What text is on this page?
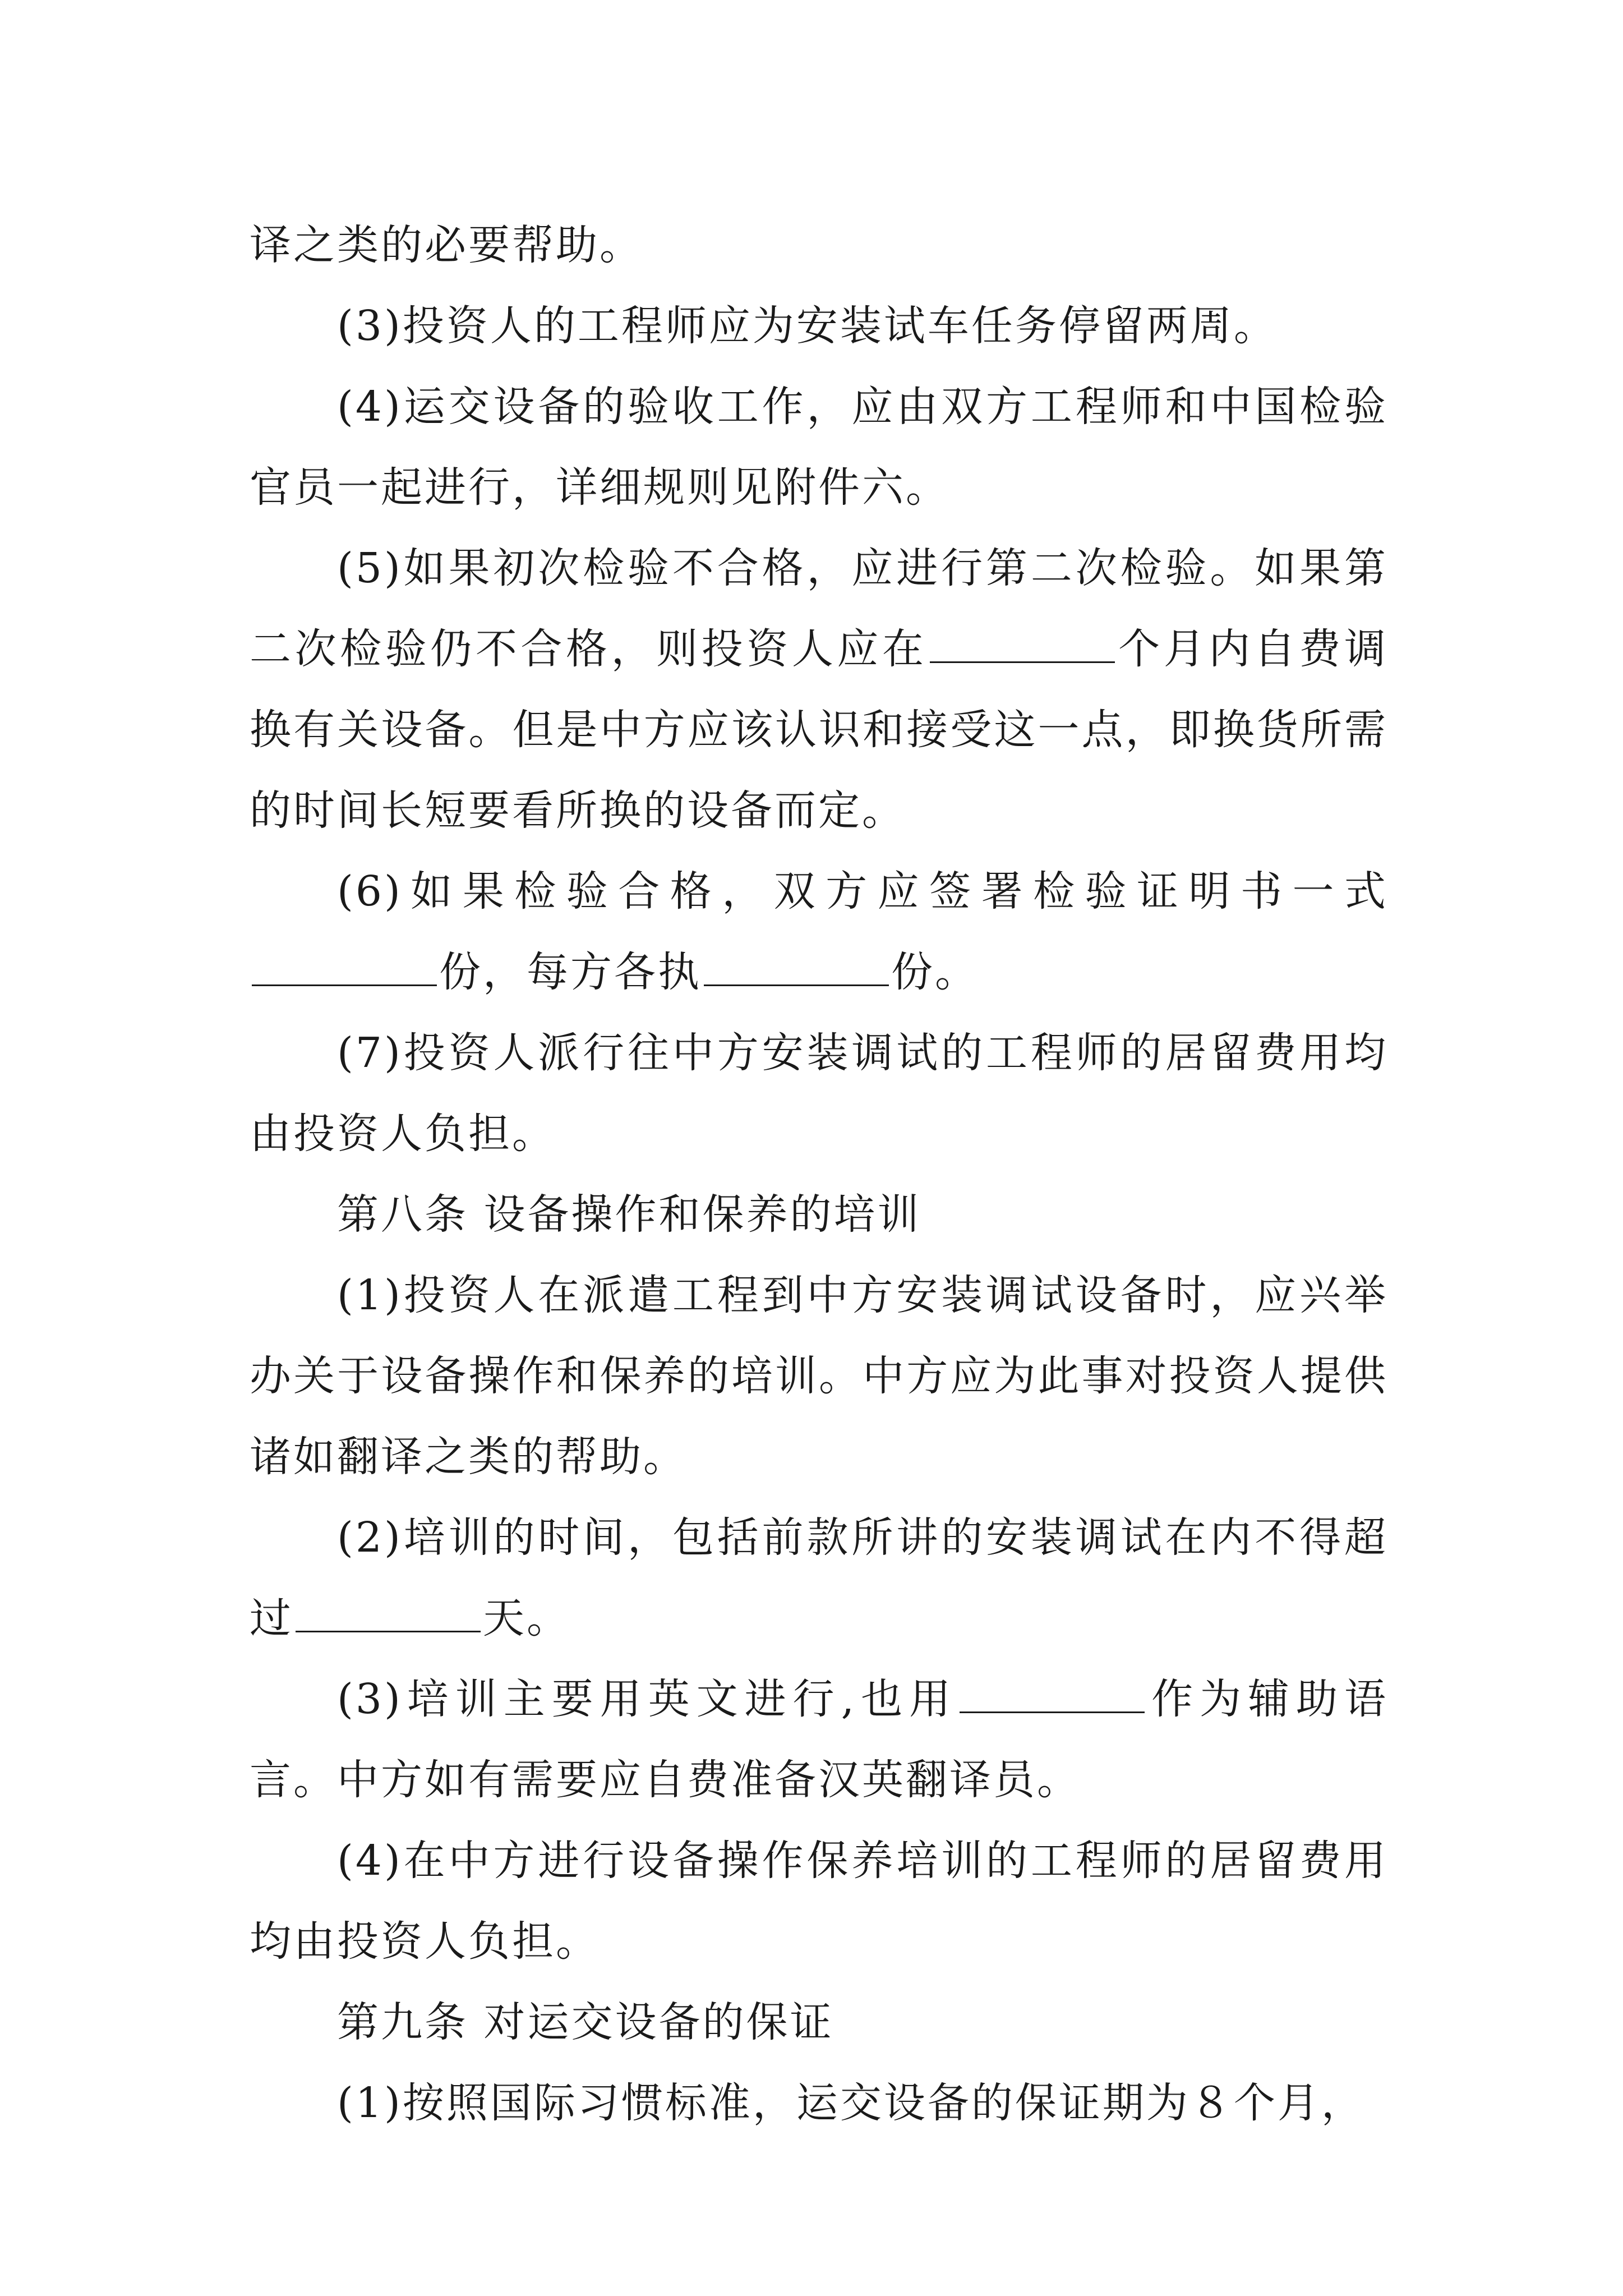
译之类的必要帮助。

(3)投资人的工程师应为安装试车任务停留两周。

(4)运交设备的验收工作，应由双方工程师和中国检验官员一起进行，详细规则见附件六。

(5)如果初次检验不合格，应进行第二次检验。如果第二次检验仍不合格，则投资人应在	个月内自费调换有关设备。但是中方应该认识和接受这一点，即换货所需的时间长短要看所换的设备而定。

(6)如果检验合格，双方应签署检验证明书一式份，每方各执	份。

(7)投资人派行往中方安装调试的工程师的居留费用均由投资人负担。

第八条 设备操作和保养的培训

(1)投资人在派遣工程到中方安装调试设备时，应兴举办关于设备操作和保养的培训。中方应为此事对投资人提供诸如翻译之类的帮助。

(2)培训的时间，包括前款所讲的安装调试在内不得超过	天。

(3)培训主要用英文进行,也用	作为辅助语言。中方如有需要应自费准备汉英翻译员。

(4)在中方进行设备操作保养培训的工程师的居留费用均由投资人负担。

第九条 对运交设备的保证

(1)按照国际习惯标准，运交设备的保证期为８个月，
